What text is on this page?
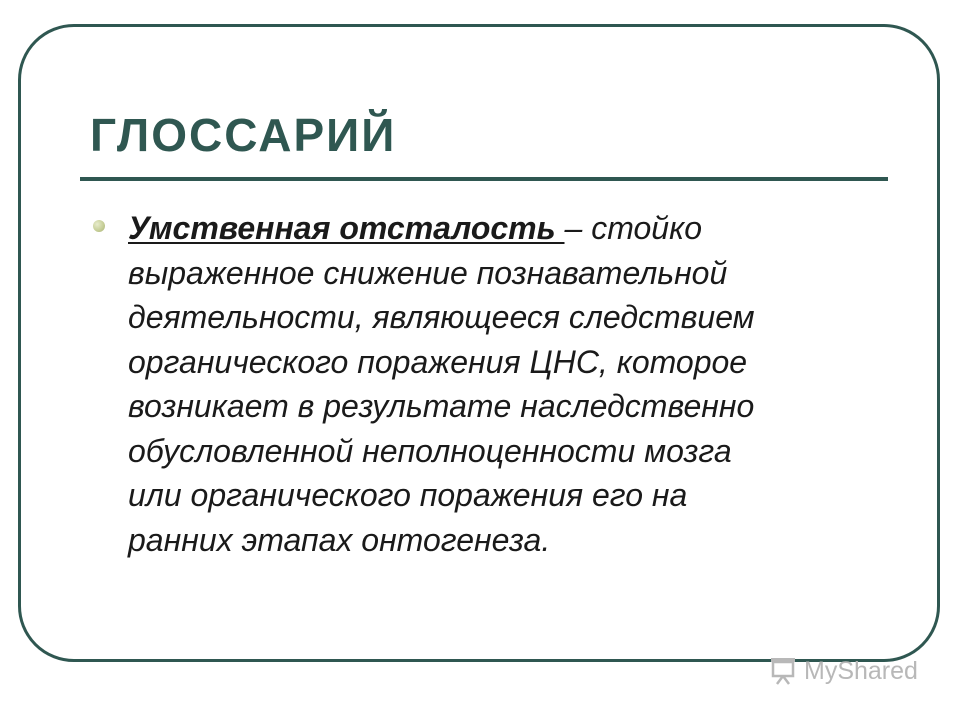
ГЛОССАРИЙ

Умственная отсталость – стойко
выраженное снижение познавательной
деятельности, являющееся следствием
органического поражения ЦНС, которое
возникает в результате наследственно
обусловленной неполноценности мозга
или органического поражения его на
ранних этапах онтогенеза.

MyShared
